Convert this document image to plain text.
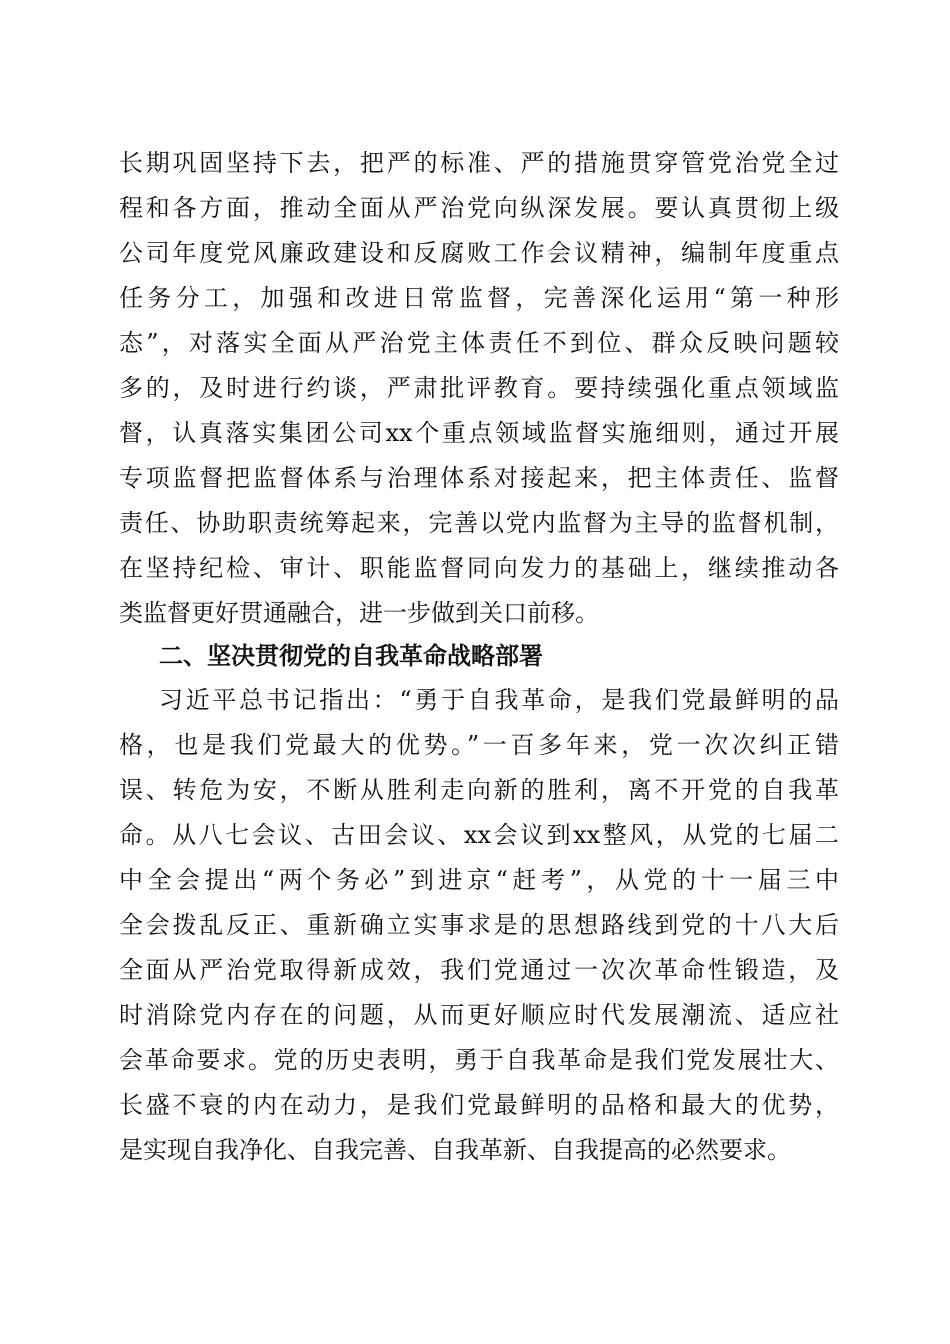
长期巩固坚持下去，把严的标准、严的措施贯穿管党治党全过
程和各方面，推动全面从严治党向纵深发展。要认真贯彻上级
公司年度党风廉政建设和反腐败工作会议精神，编制年度重点
任务分工，加强和改进日常监督，完善深化运用“第一种形
态”，对落实全面从严治党主体责任不到位、群众反映问题较
多的，及时进行约谈，严肃批评教育。要持续强化重点领域监
督，认真落实集团公司xx个重点领域监督实施细则，通过开展
专项监督把监督体系与治理体系对接起来，把主体责任、监督
责任、协助职责统筹起来，完善以党内监督为主导的监督机制，
在坚持纪检、审计、职能监督同向发力的基础上，继续推动各
类监督更好贯通融合，进一步做到关口前移。
二、坚决贯彻党的自我革命战略部署
习近平总书记指出：“勇于自我革命，是我们党最鲜明的品
格，也是我们党最大的优势。”一百多年来，党一次次纠正错
误、转危为安，不断从胜利走向新的胜利，离不开党的自我革
命。从八七会议、古田会议、xx会议到xx整风，从党的七届二
中全会提出“两个务必”到进京“赶考”，从党的十一届三中
全会拨乱反正、重新确立实事求是的思想路线到党的十八大后
全面从严治党取得新成效，我们党通过一次次革命性锻造，及
时消除党内存在的问题，从而更好顺应时代发展潮流、适应社
会革命要求。党的历史表明，勇于自我革命是我们党发展壮大、
长盛不衰的内在动力，是我们党最鲜明的品格和最大的优势，
是实现自我净化、自我完善、自我革新、自我提高的必然要求。
